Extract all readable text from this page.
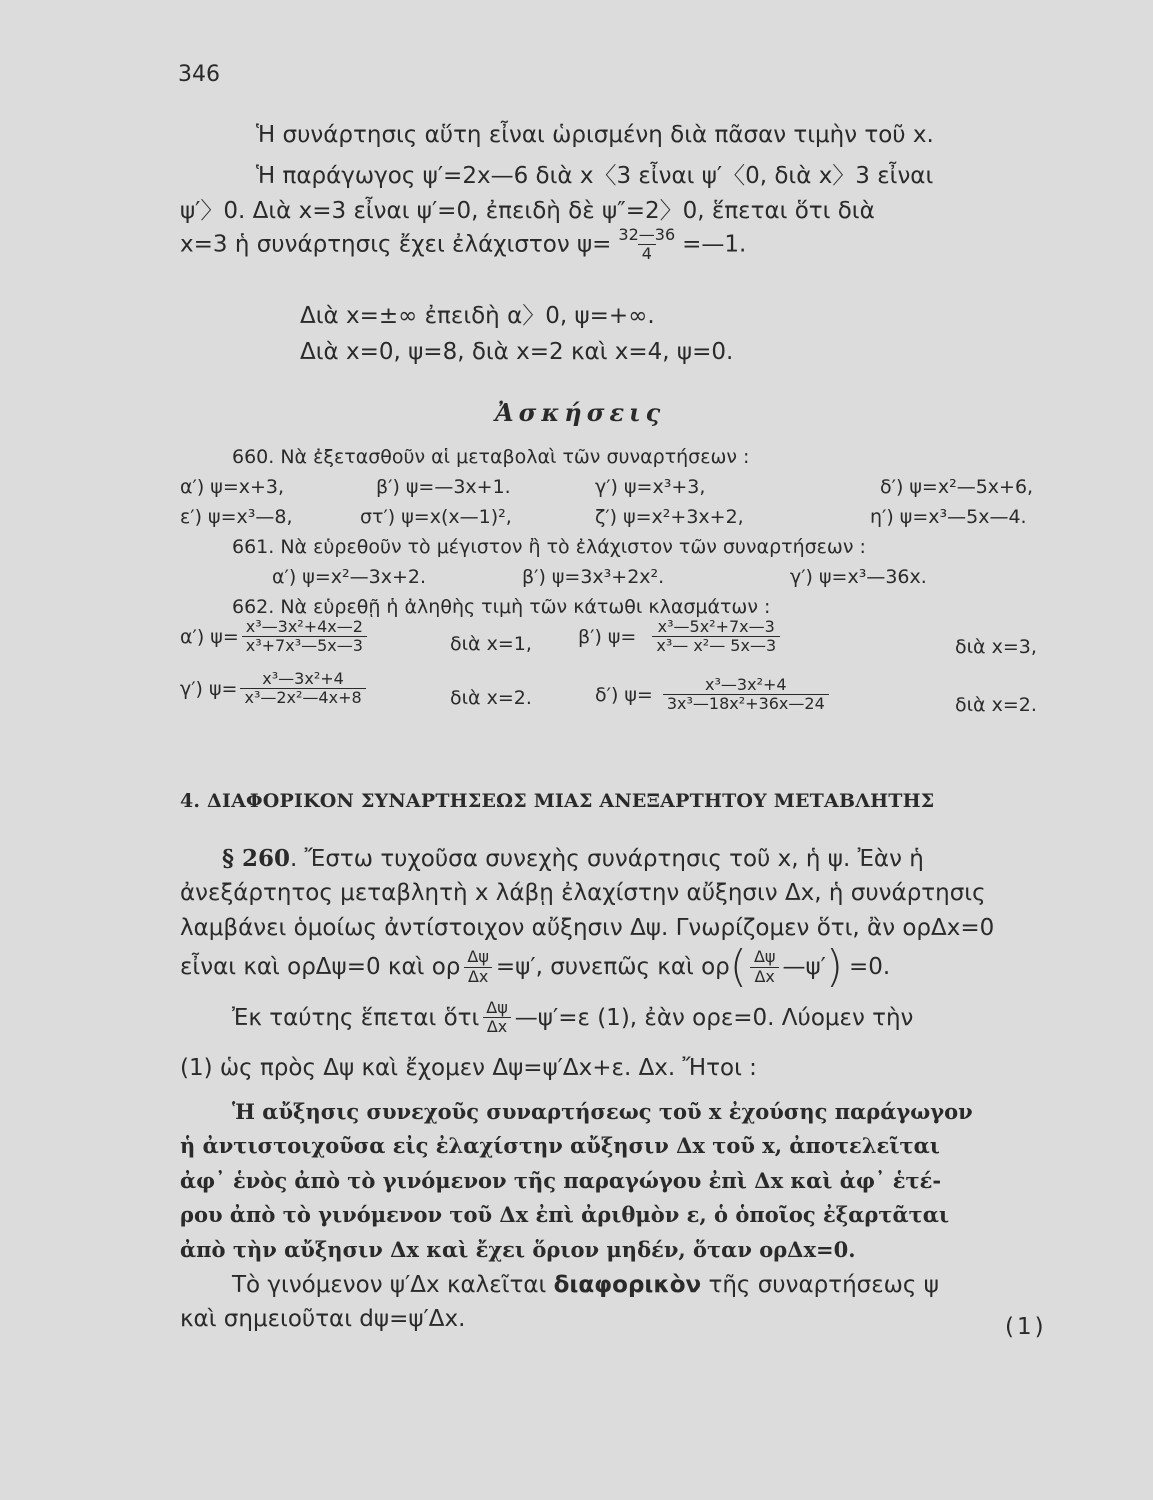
346
Ἡ συνάρτησις αὕτη εἶναι ὡρισμένη διὰ πᾶσαν τιμὴν τοῦ x.
Ἡ παράγωγος ψ′=2x—6 διὰ x〈3 εἶναι ψ′〈0, διὰ x〉3 εἶναι
ψ′〉0. Διὰ x=3 εἶναι ψ′=0, ἐπειδὴ δὲ ψ″=2〉0, ἕπεται ὅτι διὰ
x=3 ἡ συνάρτησις ἔχει ἐλάχιστον $\psi= \frac{32—36}{4}$ =—1.
Διὰ x=±∞ ἐπειδὴ α〉0, ψ=+∞.
Διὰ x=0, ψ=8, διὰ x=2 καὶ x=4, ψ=0.
Ἀσκήσεις
660. Νὰ ἐξετασθοῦν αἱ μεταβολαὶ τῶν συναρτήσεων :
α′) ψ=x+3,	β′) ψ=—3x+1.	γ′) ψ=x³+3,	δ′) ψ=x²—5x+6,
ε′) ψ=x³—8,	στ′) ψ=x(x—1)²,	ζ′) ψ=x²+3x+2,	η′) ψ=x³—5x—4.
661. Νὰ εὑρεθοῦν τὸ μέγιστον ἢ τὸ ἐλάχιστον τῶν συναρτήσεων :
α′) ψ=x²—3x+2.	β′) ψ=3x³+2x².	γ′) ψ=x³—36x.
662. Νὰ εὑρεθῇ ἡ ἀληθὴς τιμὴ τῶν κάτωθι κλασμάτων :
α′) $\psi= \frac{\text{x³—3x²+4x—2}}{\text{x³+7x³—5x—3}}$	διὰ x=1, β′) $\psi= \frac{\text{x³—5x²+7x—3}}{\text{x³— x²— 5x—3}}$	διὰ x=3,
γ′) $\psi= \frac{\text{x³—3x²+4}}{\text{x³—2x²—4x+8}}$	διὰ x=2.	δ′) $\psi= \frac{\text{x³—3x²+4}}{\text{3x³—18x²+36x—24}}$	διὰ x=2.
4. ΔΙΑΦΟΡΙΚΟΝ ΣΥΝΑΡΤΗΣΕΩΣ ΜΙΑΣ ΑΝΕΞΑΡΤΗΤΟΥ ΜΕΤΑΒΛΗΤΗΣ
§ 260. Ἔστω τυχοῦσα συνεχὴς συνάρτησις τοῦ x, ἡ ψ. Ἐὰν ἡ
ἀνεξάρτητος μεταβλητὴ x λάβῃ ἐλαχίστην αὔξησιν Δx, ἡ συνάρτησις
λαμβάνει ὁμοίως ἀντίστοιχον αὔξησιν Δψ. Γνωρίζομεν ὅτι, ἂν ορΔx=0
εἶναι καὶ ορΔψ=0 καὶ ορ $\frac{\Delta\psi}{\Delta x} =\psi'$, συνεπῶς καὶ ορ ( $\frac{\Delta\psi}{\Delta x}$ —ψ′ ) =0.
Ἐκ ταύτης ἕπεται ὅτι $\frac{\Delta\psi}{\Delta x}$ —ψ′=ε (1), ἐὰν ορε=0. Λύομεν τὴν
(1) ὡς πρὸς Δψ καὶ ἔχομεν Δψ=ψ′Δx+ε. Δx. Ἤτοι :
Ἡ αὔξησις συνεχοῦς συναρτήσεως τοῦ x ἐχούσης παράγωγον
ἡ ἀντιστοιχοῦσα εἰς ἐλαχίστην αὔξησιν Δx τοῦ x, ἀποτελεῖται
ἀφ᾽ ἑνὸς ἀπὸ τὸ γινόμενον τῆς παραγώγου ἐπὶ Δx καὶ ἀφ᾽ ἑτέ-
ρου ἀπὸ τὸ γινόμενον τοῦ Δx ἐπὶ ἀριθμὸν ε, ὁ ὁποῖος ἐξαρτᾶται
ἀπὸ τὴν αὔξησιν Δx καὶ ἔχει ὅριον μηδέν, ὅταν ορΔx=0.
Τὸ γινόμενον ψ′Δx καλεῖται διαφορικὸν τῆς συναρτήσεως ψ
καὶ σημειοῦται dψ=ψ′Δx.	(1)
